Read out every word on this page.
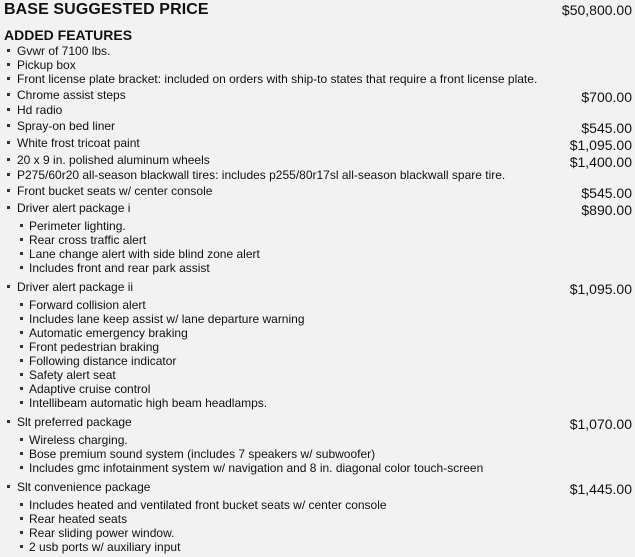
BASE SUGGESTED PRICE	$50,800.00
ADDED FEATURES
Gvwr of 7100 lbs.
Pickup box
Front license plate bracket: included on orders with ship-to states that require a front license plate.
Chrome assist steps	$700.00
Hd radio
Spray-on bed liner	$545.00
White frost tricoat paint	$1,095.00
20 x 9 in. polished aluminum wheels	$1,400.00
P275/60r20 all-season blackwall tires: includes p255/80r17sl all-season blackwall spare tire.
Front bucket seats w/ center console	$545.00
Driver alert package i	$890.00
Perimeter lighting.
Rear cross traffic alert
Lane change alert with side blind zone alert
Includes front and rear park assist
Driver alert package ii	$1,095.00
Forward collision alert
Includes lane keep assist w/ lane departure warning
Automatic emergency braking
Front pedestrian braking
Following distance indicator
Safety alert seat
Adaptive cruise control
Intellibeam automatic high beam headlamps.
Slt preferred package	$1,070.00
Wireless charging.
Bose premium sound system (includes 7 speakers w/ subwoofer)
Includes gmc infotainment system w/ navigation and 8 in. diagonal color touch-screen
Slt convenience package	$1,445.00
Includes heated and ventilated front bucket seats w/ center console
Rear heated seats
Rear sliding power window.
2 usb ports w/ auxiliary input
